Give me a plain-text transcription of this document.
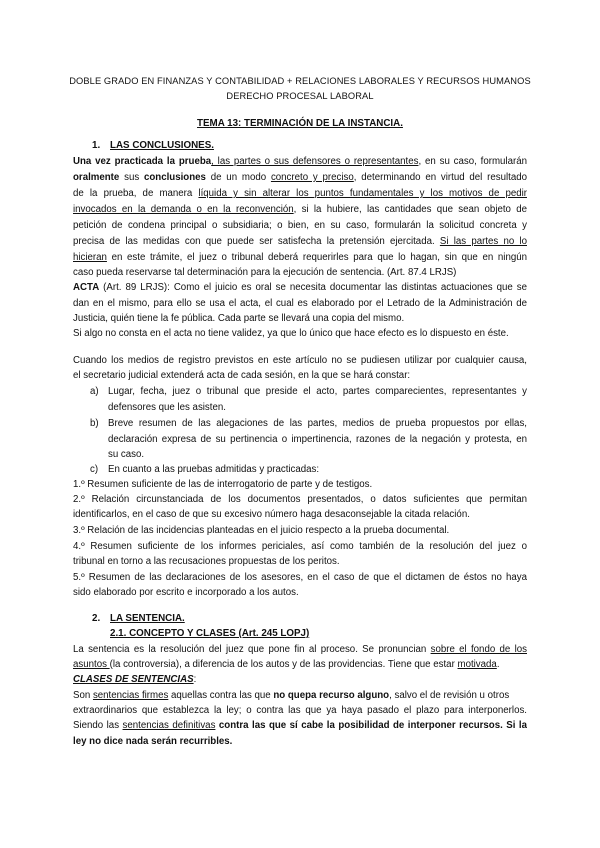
DOBLE GRADO EN FINANZAS Y CONTABILIDAD + RELACIONES LABORALES Y RECURSOS HUMANOS
DERECHO PROCESAL LABORAL
TEMA 13: TERMINACIÓN DE LA INSTANCIA.
1. LAS CONCLUSIONES.
Una vez practicada la prueba, las partes o sus defensores o representantes, en su caso, formularán
oralmente sus conclusiones de un modo concreto y preciso, determinando en virtud del resultado
de la prueba, de manera líquida y sin alterar los puntos fundamentales y los motivos de pedir
invocados en la demanda o en la reconvención, si la hubiere, las cantidades que sean objeto de
petición de condena principal o subsidiaria; o bien, en su caso, formularán la solicitud concreta y
precisa de las medidas con que puede ser satisfecha la pretensión ejercitada. Si las partes no lo
hicieran en este trámite, el juez o tribunal deberá requerirles para que lo hagan, sin que en ningún
caso pueda reservarse tal determinación para la ejecución de sentencia. (Art. 87.4 LRJS)
ACTA (Art. 89 LRJS): Como el juicio es oral se necesita documentar las distintas actuaciones que se
dan en el mismo, para ello se usa el acta, el cual es elaborado por el Letrado de la Administración de
Justicia, quién tiene la fe pública. Cada parte se llevará una copia del mismo.
Si algo no consta en el acta no tiene validez, ya que lo único que hace efecto es lo dispuesto en éste.
Cuando los medios de registro previstos en este artículo no se pudiesen utilizar por cualquier causa,
el secretario judicial extenderá acta de cada sesión, en la que se hará constar:
a) Lugar, fecha, juez o tribunal que preside el acto, partes comparecientes, representantes y
defensores que les asisten.
b) Breve resumen de las alegaciones de las partes, medios de prueba propuestos por ellas,
declaración expresa de su pertinencia o impertinencia, razones de la negación y protesta, en
su caso.
c)	En cuanto a las pruebas admitidas y practicadas:
1.º Resumen suficiente de las de interrogatorio de parte y de testigos.
2.º Relación circunstanciada de los documentos presentados, o datos suficientes que permitan
identificarlos, en el caso de que su excesivo número haga desaconsejable la citada relación.
3.º Relación de las incidencias planteadas en el juicio respecto a la prueba documental.
4.º Resumen suficiente de los informes periciales, así como también de la resolución del juez o
tribunal en torno a las recusaciones propuestas de los peritos.
5.º Resumen de las declaraciones de los asesores, en el caso de que el dictamen de éstos no haya
sido elaborado por escrito e incorporado a los autos.
2. LA SENTENCIA.
2.1. CONCEPTO Y CLASES (Art. 245 LOPJ)
La sentencia es la resolución del juez que pone fin al proceso. Se pronuncian sobre el fondo de los
asuntos (la controversia), a diferencia de los autos y de las providencias. Tiene que estar motivada.
CLASES DE SENTENCIAS:
Son sentencias firmes aquellas contra las que no quepa recurso alguno, salvo el de revisión u otros
extraordinarios que establezca la ley; o contra las que ya haya pasado el plazo para interponerlos.
Siendo las sentencias definitivas contra las que sí cabe la posibilidad de interponer recursos. Si la
ley no dice nada serán recurribles.
